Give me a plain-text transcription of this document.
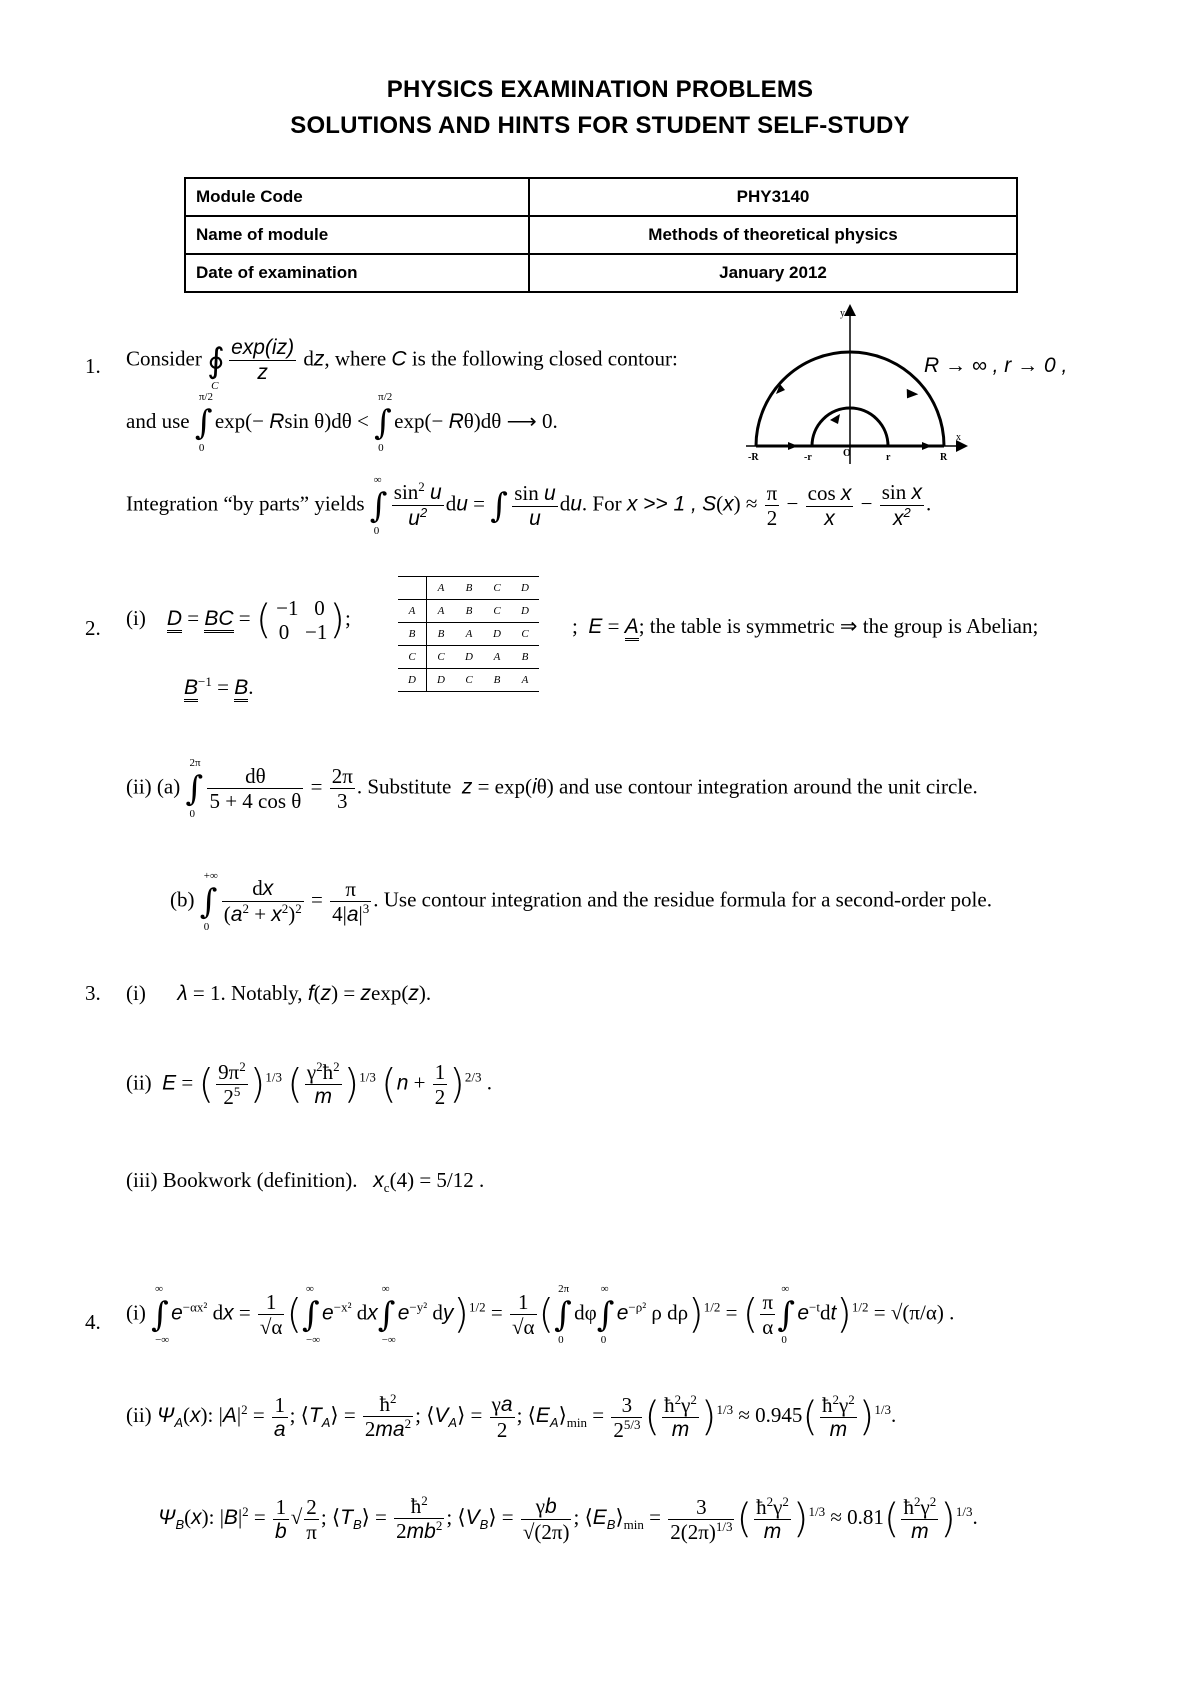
PHYSICS EXAMINATION PROBLEMS
SOLUTIONS AND HINTS FOR STUDENT SELF-STUDY
Module Code	PHY3140
Name of module	Methods of theoretical physics
Date of examination	January 2012
y
x
-R	-r	O	r	R
1. Consider ∮
C
$\frac{\exp(iz)}{z}$ dz, where C is the following closed contour:	R → ∞ , r → 0 ,
and use ∫
π/2
0
exp(− Rsin θ)dθ < ∫
π/2
0
exp(− Rθ)dθ ⟶ 0.
Integration “by parts” yields ∫
∞
$0 \frac{\sin^2 u}{u^2}$ du = ∫ $\frac{\text{sin u}}{u}$ du. For x >> 1 , $S(x) \approx \frac{\pi}{2} - \frac{\text{cos x}}{x} - \frac{\text{sin x}}{x^2}$ .
2. (i) D = BC = ( −1   0
0   −1 );	;  E = A; the table is symmetric ⇒ the group is Abelian;
$B^{-1} = B$.
	A	B	C	D
A	A	B	C	D
B	B	A	D	C
C	C	D	A	B
D	D	C	B	A
(ii) (a) ∫
2π
0
$\frac{d\theta}{\text{5 + 4 cos θ}} = \frac{2\pi}{3}$ . Substitute z = exp(iθ) and use contour integration around the unit circle.
(b) ∫
+∞
$0 \frac{dx}{(a^2 + x^2)^2} = \frac{\pi}{4|a|^3}$ . Use contour integration and the residue formula for a second-order pole.
3. (i) λ = 1. Notably, f(z) = zexp(z).
(ii) E = ( $\frac{9\pi^2}{2^5} )^{1/3}$ ( $\frac{\gamma^2ħ^2}{m} )^{1/3}$ $(n + \frac{1}{2} )^{2/3}$ .
(iii) Bookwork (definition). $x_c(4) = 5/12$ .
4. (i) ∫
∞
−∞
$e^{-\alpha x^2}$ dx = $\frac{1}{√\alpha}$ (∫
∞
−∞
$e^{-x^2}$ dx∫
∞
−∞
$e^{-y^2}$ $dy)^{1/2} = \frac{1}{√\alpha}$ (∫
2π
0
dφ∫
∞
0
$e^{-\rho^2}$ ρ dρ)$^{1/2}$ = ( $\frac{\pi}{\alpha}$ ∫
∞
0
$e^{-t}dt)^{1/2} = √(\pi/\alpha)$ .
(ii) $\Psi_A(x)$: $|A|^2 = \frac{1}{a}$ ; $⟨T_A⟩ = \frac{ħ^2}{2ma^2}$ ; $⟨V_A⟩ = \frac{\gamma a}{2}$ ; $⟨E_A⟩_{min} = \frac{3}{2^{5/3}}$ ( $\frac{ħ^2\gamma^2}{m} )^{1/3} \approx 0.945( \frac{ħ^2\gamma^2}{m} )^{1/3}$.
$\Psi_B(x)$: $|B|^2 = \frac{1}{b}$ √ $\frac{2}{\pi}$ ; $⟨T_B⟩ = \frac{ħ^2}{2mb^2}$ ; $⟨V_B⟩ = \frac{\gamma b}{√(2\pi)}$ ; $⟨E_B⟩_{min} = \frac{3}{2(2\pi)^{1/3}}$ ( $\frac{ħ^2\gamma^2}{m} )^{1/3} \approx 0.81( \frac{ħ^2\gamma^2}{m} )^{1/3}$.
